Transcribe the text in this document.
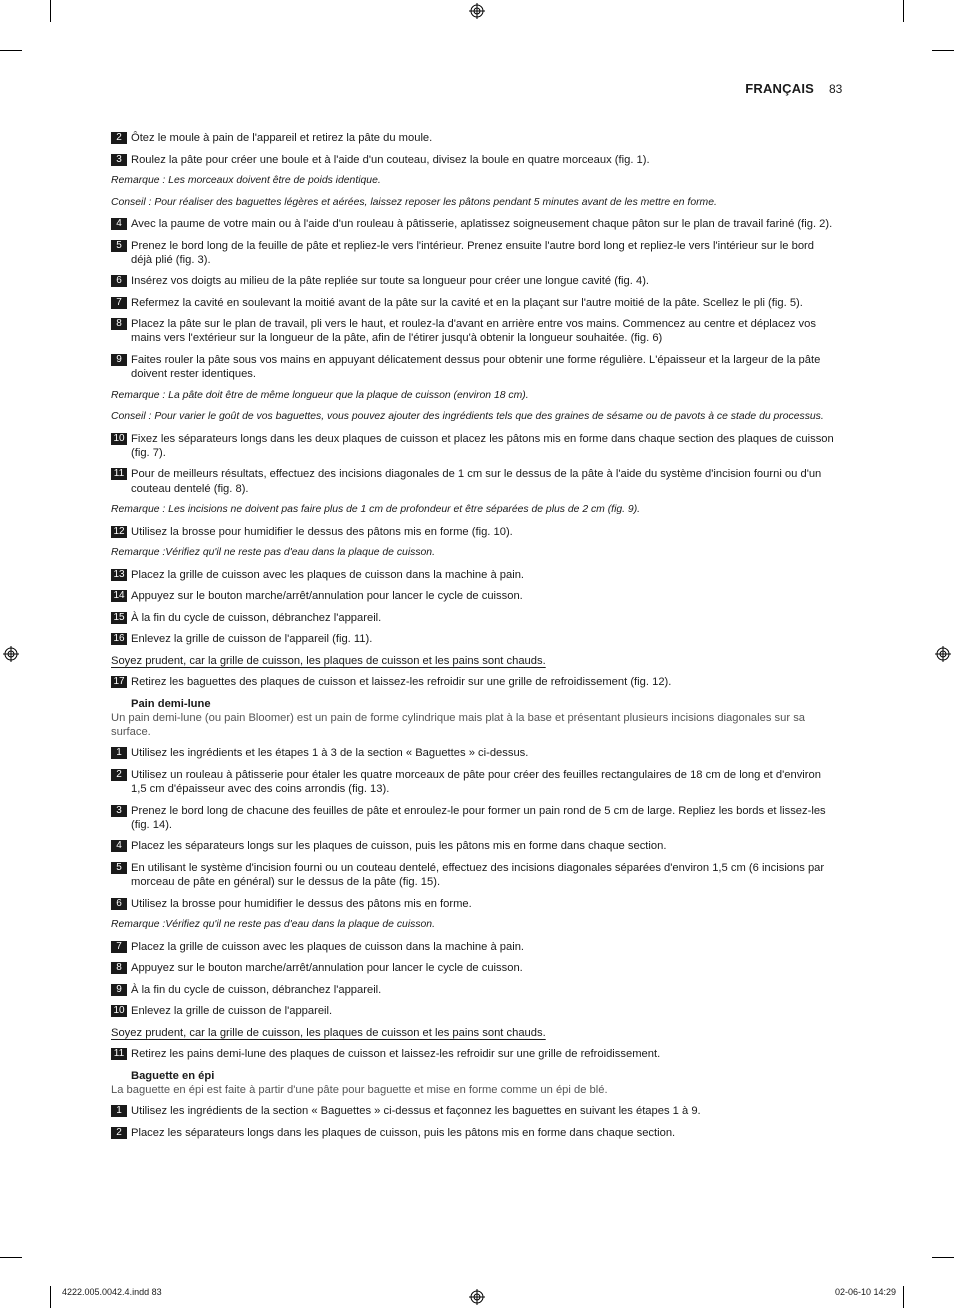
FRANÇAIS 83
2 Ôtez le moule à pain de l'appareil et retirez la pâte du moule.
3 Roulez la pâte pour créer une boule et à l'aide d'un couteau, divisez la boule en quatre morceaux (fig. 1).
Remarque : Les morceaux doivent être de poids identique.
Conseil : Pour réaliser des baguettes légères et aérées, laissez reposer les pâtons pendant 5 minutes avant de les mettre en forme.
4 Avec la paume de votre main ou à l'aide d'un rouleau à pâtisserie, aplatissez soigneusement chaque pâton sur le plan de travail fariné (fig. 2).
5 Prenez le bord long de la feuille de pâte et repliez-le vers l'intérieur. Prenez ensuite l'autre bord long et repliez-le vers l'intérieur sur le bord déjà plié (fig. 3).
6 Insérez vos doigts au milieu de la pâte repliée sur toute sa longueur pour créer une longue cavité (fig. 4).
7 Refermez la cavité en soulevant la moitié avant de la pâte sur la cavité et en la plaçant sur l'autre moitié de la pâte. Scellez le pli (fig. 5).
8 Placez la pâte sur le plan de travail, pli vers le haut, et roulez-la d'avant en arrière entre vos mains. Commencez au centre et déplacez vos mains vers l'extérieur sur la longueur de la pâte, afin de l'étirer jusqu'à obtenir la longueur souhaitée. (fig. 6)
9 Faites rouler la pâte sous vos mains en appuyant délicatement dessus pour obtenir une forme régulière. L'épaisseur et la largeur de la pâte doivent rester identiques.
Remarque : La pâte doit être de même longueur que la plaque de cuisson (environ 18 cm).
Conseil : Pour varier le goût de vos baguettes, vous pouvez ajouter des ingrédients tels que des graines de sésame ou de pavots à ce stade du processus.
10 Fixez les séparateurs longs dans les deux plaques de cuisson et placez les pâtons mis en forme dans chaque section des plaques de cuisson (fig. 7).
11 Pour de meilleurs résultats, effectuez des incisions diagonales de 1 cm sur le dessus de la pâte à l'aide du système d'incision fourni ou d'un couteau dentelé (fig. 8).
Remarque : Les incisions ne doivent pas faire plus de 1 cm de profondeur et être séparées de plus de 2 cm (fig. 9).
12 Utilisez la brosse pour humidifier le dessus des pâtons mis en forme (fig. 10).
Remarque :Vérifiez qu'il ne reste pas d'eau dans la plaque de cuisson.
13 Placez la grille de cuisson avec les plaques de cuisson dans la machine à pain.
14 Appuyez sur le bouton marche/arrêt/annulation pour lancer le cycle de cuisson.
15 À la fin du cycle de cuisson, débranchez l'appareil.
16 Enlevez la grille de cuisson de l'appareil (fig. 11).
Soyez prudent, car la grille de cuisson, les plaques de cuisson et les pains sont chauds.
17 Retirez les baguettes des plaques de cuisson et laissez-les refroidir sur une grille de refroidissement (fig. 12).
Pain demi-lune
Un pain demi-lune (ou pain Bloomer) est un pain de forme cylindrique mais plat à la base et présentant plusieurs incisions diagonales sur sa surface.
1 Utilisez les ingrédients et les étapes 1 à 3 de la section « Baguettes » ci-dessus.
2 Utilisez un rouleau à pâtisserie pour étaler les quatre morceaux de pâte pour créer des feuilles rectangulaires de 18 cm de long et d'environ 1,5 cm d'épaisseur avec des coins arrondis (fig. 13).
3 Prenez le bord long de chacune des feuilles de pâte et enroulez-le pour former un pain rond de 5 cm de large. Repliez les bords et lissez-les (fig. 14).
4 Placez les séparateurs longs sur les plaques de cuisson, puis les pâtons mis en forme dans chaque section.
5 En utilisant le système d'incision fourni ou un couteau dentelé, effectuez des incisions diagonales séparées d'environ 1,5 cm (6 incisions par morceau de pâte en général) sur le dessus de la pâte (fig. 15).
6 Utilisez la brosse pour humidifier le dessus des pâtons mis en forme.
Remarque :Vérifiez qu'il ne reste pas d'eau dans la plaque de cuisson.
7 Placez la grille de cuisson avec les plaques de cuisson dans la machine à pain.
8 Appuyez sur le bouton marche/arrêt/annulation pour lancer le cycle de cuisson.
9 À la fin du cycle de cuisson, débranchez l'appareil.
10 Enlevez la grille de cuisson de l'appareil.
Soyez prudent, car la grille de cuisson, les plaques de cuisson et les pains sont chauds.
11 Retirez les pains demi-lune des plaques de cuisson et laissez-les refroidir sur une grille de refroidissement.
Baguette en épi
La baguette en épi est faite à partir d'une pâte pour baguette et mise en forme comme un épi de blé.
1 Utilisez les ingrédients de la section « Baguettes » ci-dessus et façonnez les baguettes en suivant les étapes 1 à 9.
2 Placez les séparateurs longs dans les plaques de cuisson, puis les pâtons mis en forme dans chaque section.
4222.005.0042.4.indd 83	02-06-10 14:29
